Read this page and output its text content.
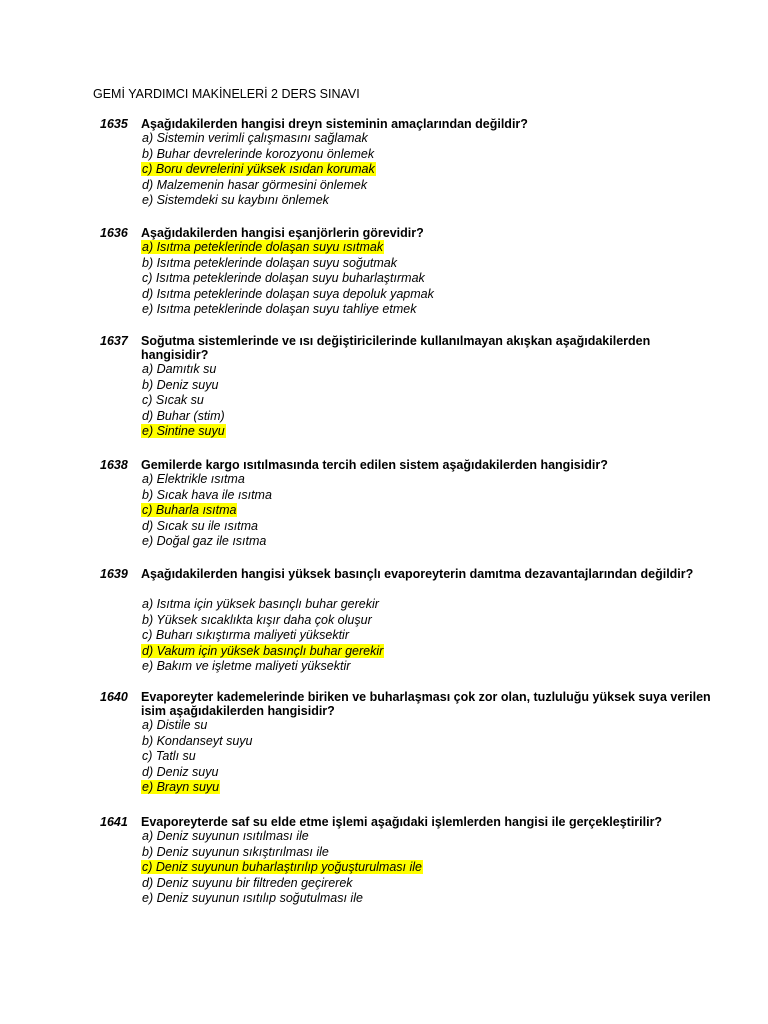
GEMİ YARDIMCI MAKİNELERİ 2 DERS SINAVI
1635	Aşağıdakilerden hangisi dreyn sisteminin amaçlarından değildir?
a) Sistemin verimli çalışmasını sağlamak
b) Buhar devrelerinde korozyonu önlemek
c) Boru devrelerini yüksek ısıdan korumak
d) Malzemenin hasar görmesini önlemek
e) Sistemdeki su kaybını önlemek
1636	Aşağıdakilerden hangisi eşanjörlerin görevidir?
a) Isıtma peteklerinde dolaşan suyu ısıtmak
b) Isıtma peteklerinde dolaşan suyu soğutmak
c) Isıtma peteklerinde dolaşan suyu buharlaştırmak
d) Isıtma peteklerinde dolaşan suya depoluk yapmak
e) Isıtma peteklerinde dolaşan suyu tahliye etmek
1637	Soğutma sistemlerinde ve ısı değiştiricilerinde kullanılmayan akışkan aşağıdakilerden hangisidir?
a) Damıtık su
b) Deniz suyu
c) Sıcak su
d) Buhar (stim)
e) Sintine suyu
1638	Gemilerde kargo ısıtılmasında tercih edilen sistem aşağıdakilerden hangisidir?
a) Elektrikle ısıtma
b) Sıcak hava ile ısıtma
c) Buharla ısıtma
d) Sıcak su ile ısıtma
e) Doğal gaz ile ısıtma
1639	Aşağıdakilerden hangisi yüksek basınçlı evaporeyterin damıtma dezavantajlarından değildir?
a) Isıtma için yüksek basınçlı buhar gerekir
b) Yüksek sıcaklıkta kışır daha çok oluşur
c) Buharı sıkıştırma maliyeti yüksektir
d) Vakum için yüksek basınçlı buhar gerekir
e) Bakım ve işletme maliyeti yüksektir
1640	Evaporeyter kademelerinde biriken ve buharlaşması çok zor olan, tuzluluğu yüksek suya verilen isim aşağıdakilerden hangisidir?
a) Distile su
b) Kondanseyt suyu
c) Tatlı su
d) Deniz suyu
e) Brayn suyu
1641	Evaporeyterde saf su elde etme işlemi aşağıdaki işlemlerden hangisi ile gerçekleştirilir?
a) Deniz suyunun ısıtılması ile
b) Deniz suyunun sıkıştırılması ile
c) Deniz suyunun buharlaştırılıp yoğuşturulması ile
d) Deniz suyunu bir filtreden geçirerek
e) Deniz suyunun ısıtılıp soğutulması ile
